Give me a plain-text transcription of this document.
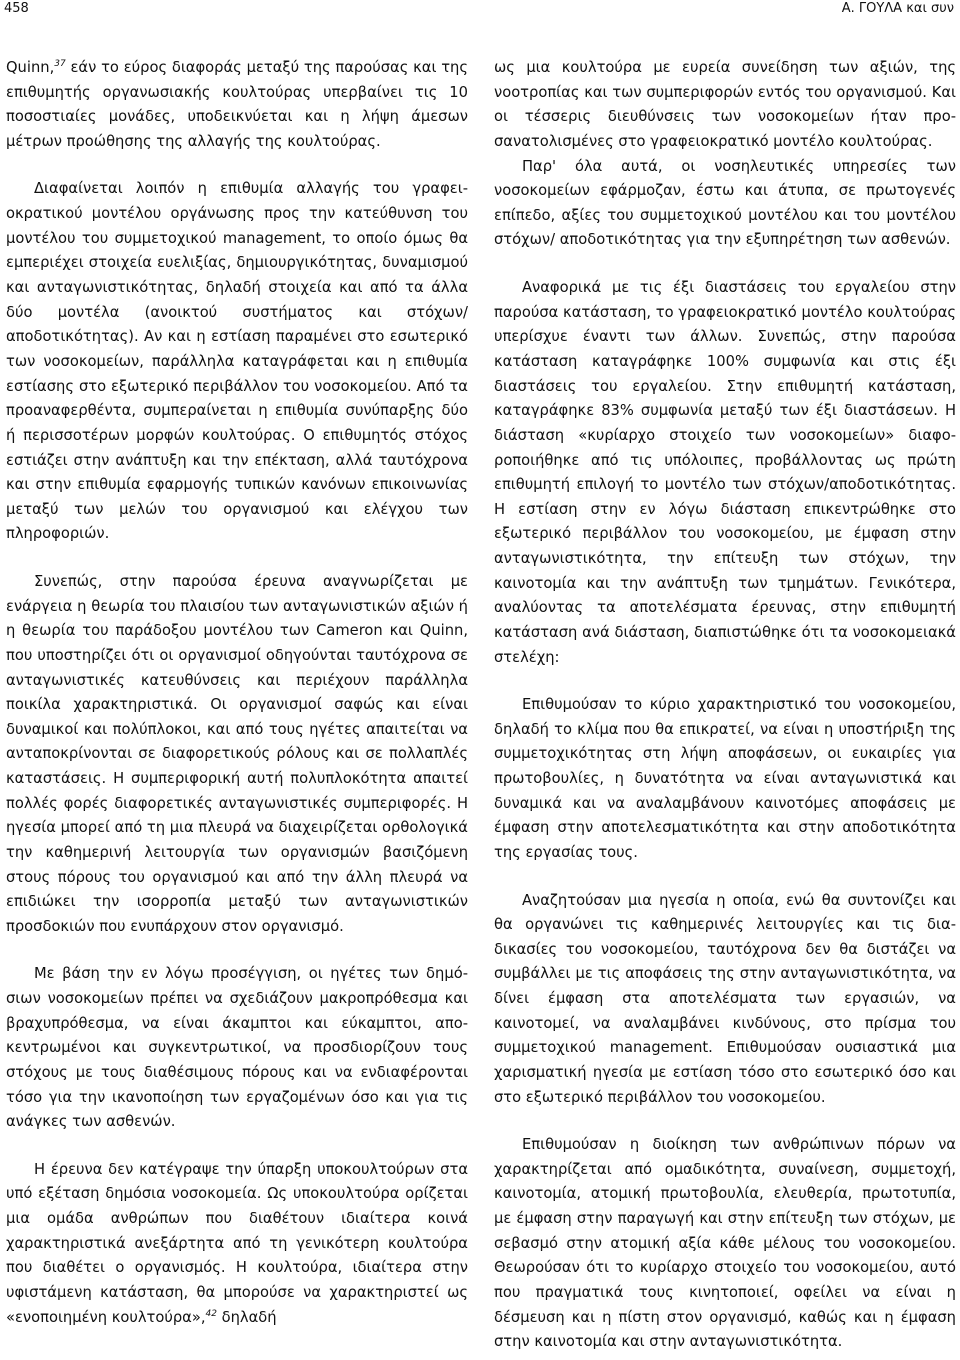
458	Α. ΓΟΥΛΑ και συν

Quinn,$^{37}$ εάν το εύρος διαφοράς μεταξύ της παρούσας και της επιθυμητής οργανωσιακής κουλτούρας υπερβαίνει τις 10 ποσοστιαίες μονάδες, υποδεικνύεται και η λήψη άμεσων μέτρων προώθησης της αλλαγής της κουλτούρας.

Διαφαίνεται λοιπόν η επιθυμία αλλαγής του γραφειοκρατικού μοντέλου οργάνωσης προς την κατεύθυνση του μοντέλου του συμμετοχικού management, το οποίο όμως θα εμπεριέχει στοιχεία ευελιξίας, δημιουργικότητας, δυναμισμού και ανταγωνιστικότητας, δηλαδή στοιχεία και από τα άλλα δύο μοντέλα (ανοικτού συστήματος και στόχων/αποδοτικότητας). Αν και η εστίαση παραμένει στο εσωτερικό των νοσοκομείων, παράλληλα καταγράφεται και η επιθυμία εστίασης στο εξωτερικό περιβάλλον του νοσοκομείου. Από τα προαναφερθέντα, συμπεραίνεται η επιθυμία συνύπαρξης δύο ή περισσοτέρων μορφών κουλτούρας. Ο επιθυμητός στόχος εστιάζει στην ανάπτυξη και την επέκταση, αλλά ταυτόχρονα και στην επιθυμία εφαρμογής τυπικών κανόνων επικοινωνίας μεταξύ των μελών του οργανισμού και ελέγχου των πληροφοριών.

Συνεπώς, στην παρούσα έρευνα αναγνωρίζεται με ενάργεια η θεωρία του πλαισίου των ανταγωνιστικών αξιών ή η θεωρία του παράδοξου μοντέλου των Cameron και Quinn, που υποστηρίζει ότι οι οργανισμοί οδηγούνται ταυτόχρονα σε ανταγωνιστικές κατευθύνσεις και περιέχουν παράλληλα ποικίλα χαρακτηριστικά. Οι οργανισμοί σαφώς και είναι δυναμικοί και πολύπλοκοι, και από τους ηγέτες απαιτείται να ανταποκρίνονται σε διαφορετικούς ρόλους και σε πολλαπλές καταστάσεις. Η συμπεριφορική αυτή πολυπλοκότητα απαιτεί πολλές φορές διαφορετικές ανταγωνιστικές συμπεριφορές. Η ηγεσία μπορεί από τη μια πλευρά να διαχειρίζεται ορθολογικά την καθημερινή λειτουργία των οργανισμών βασιζόμενη στους πόρους του οργανισμού και από την άλλη πλευρά να επιδιώκει την ισορροπία μεταξύ των ανταγωνιστικών προσδοκιών που ενυπάρχουν στον οργανισμό.

Με βάση την εν λόγω προσέγγιση, οι ηγέτες των δημόσιων νοσοκομείων πρέπει να σχεδιάζουν μακροπρόθεσμα και βραχυπρόθεσμα, να είναι άκαμπτοι και εύκαμπτοι, αποκεντρωμένοι και συγκεντρωτικοί, να προσδιορίζουν τους στόχους με τους διαθέσιμους πόρους και να ενδιαφέρονται τόσο για την ικανοποίηση των εργαζομένων όσο και για τις ανάγκες των ασθενών.

Η έρευνα δεν κατέγραψε την ύπαρξη υποκουλτούρων στα υπό εξέταση δημόσια νοσοκομεία. Ως υποκουλτούρα ορίζεται μια ομάδα ανθρώπων που διαθέτουν ιδιαίτερα κοινά χαρακτηριστικά ανεξάρτητα από τη γενικότερη κουλτούρα που διαθέτει ο οργανισμός. Η κουλτούρα, ιδιαίτερα στην υφιστάμενη κατάσταση, θα μπορούσε να χαρακτηριστεί ως «ενοποιημένη κουλτούρα»,$^{42}$ δηλαδή

ως μια κουλτούρα με ευρεία συνείδηση των αξιών, της νοοτροπίας και των συμπεριφορών εντός του οργανισμού. Και οι τέσσερις διευθύνσεις των νοσοκομείων ήταν προσανατολισμένες στο γραφειοκρατικό μοντέλο κουλτούρας.

Παρ' όλα αυτά, οι νοσηλευτικές υπηρεσίες των νοσοκομείων εφάρμοζαν, έστω και άτυπα, σε πρωτογενές επίπεδο, αξίες του συμμετοχικού μοντέλου και του μοντέλου στόχων/ αποδοτικότητας για την εξυπηρέτηση των ασθενών.

Αναφορικά με τις έξι διαστάσεις του εργαλείου στην παρούσα κατάσταση, το γραφειοκρατικό μοντέλο κουλτούρας υπερίσχυε έναντι των άλλων. Συνεπώς, στην παρούσα κατάσταση καταγράφηκε 100% συμφωνία και στις έξι διαστάσεις του εργαλείου. Στην επιθυμητή κατάσταση, καταγράφηκε 83% συμφωνία μεταξύ των έξι διαστάσεων. Η διάσταση «κυρίαρχο στοιχείο των νοσοκομείων» διαφοροποιήθηκε από τις υπόλοιπες, προβάλλοντας ως πρώτη επιθυμητή επιλογή το μοντέλο των στόχων/αποδοτικότητας. Η εστίαση στην εν λόγω διάσταση επικεντρώθηκε στο εξωτερικό περιβάλλον του νοσοκομείου, με έμφαση στην ανταγωνιστικότητα, την επίτευξη των στόχων, την καινοτομία και την ανάπτυξη των τμημάτων. Γενικότερα, αναλύοντας τα αποτελέσματα έρευνας, στην επιθυμητή κατάσταση ανά διάσταση, διαπιστώθηκε ότι τα νοσοκομειακά στελέχη:

Επιθυμούσαν το κύριο χαρακτηριστικό του νοσοκομείου, δηλαδή το κλίμα που θα επικρατεί, να είναι η υποστήριξη της συμμετοχικότητας στη λήψη αποφάσεων, οι ευκαιρίες για πρωτοβουλίες, η δυνατότητα να είναι ανταγωνιστικά και δυναμικά και να αναλαμβάνουν καινοτόμες αποφάσεις με έμφαση στην αποτελεσματικότητα και στην αποδοτικότητα της εργασίας τους.

Αναζητούσαν μια ηγεσία η οποία, ενώ θα συντονίζει και θα οργανώνει τις καθημερινές λειτουργίες και τις διαδικασίες του νοσοκομείου, ταυτόχρονα δεν θα διστάζει να συμβάλλει με τις αποφάσεις της στην ανταγωνιστικότητα, να δίνει έμφαση στα αποτελέσματα των εργασιών, να καινοτομεί, να αναλαμβάνει κινδύνους, στο πρίσμα του συμμετοχικού management. Επιθυμούσαν ουσιαστικά μια χαρισματική ηγεσία με εστίαση τόσο στο εσωτερικό όσο και στο εξωτερικό περιβάλλον του νοσοκομείου.

Επιθυμούσαν η διοίκηση των ανθρώπινων πόρων να χαρακτηρίζεται από ομαδικότητα, συναίνεση, συμμετοχή, καινοτομία, ατομική πρωτοβουλία, ελευθερία, πρωτοτυπία, με έμφαση στην παραγωγή και στην επίτευξη των στόχων, με σεβασμό στην ατομική αξία κάθε μέλους του νοσοκομείου. Θεωρούσαν ότι το κυρίαρχο στοιχείο του νοσοκομείου, αυτό που πραγματικά τους κινητοποιεί, οφείλει να είναι η δέσμευση και η πίστη στον οργανισμό, καθώς και η έμφαση στην καινοτομία και στην ανταγωνιστικότητα.
